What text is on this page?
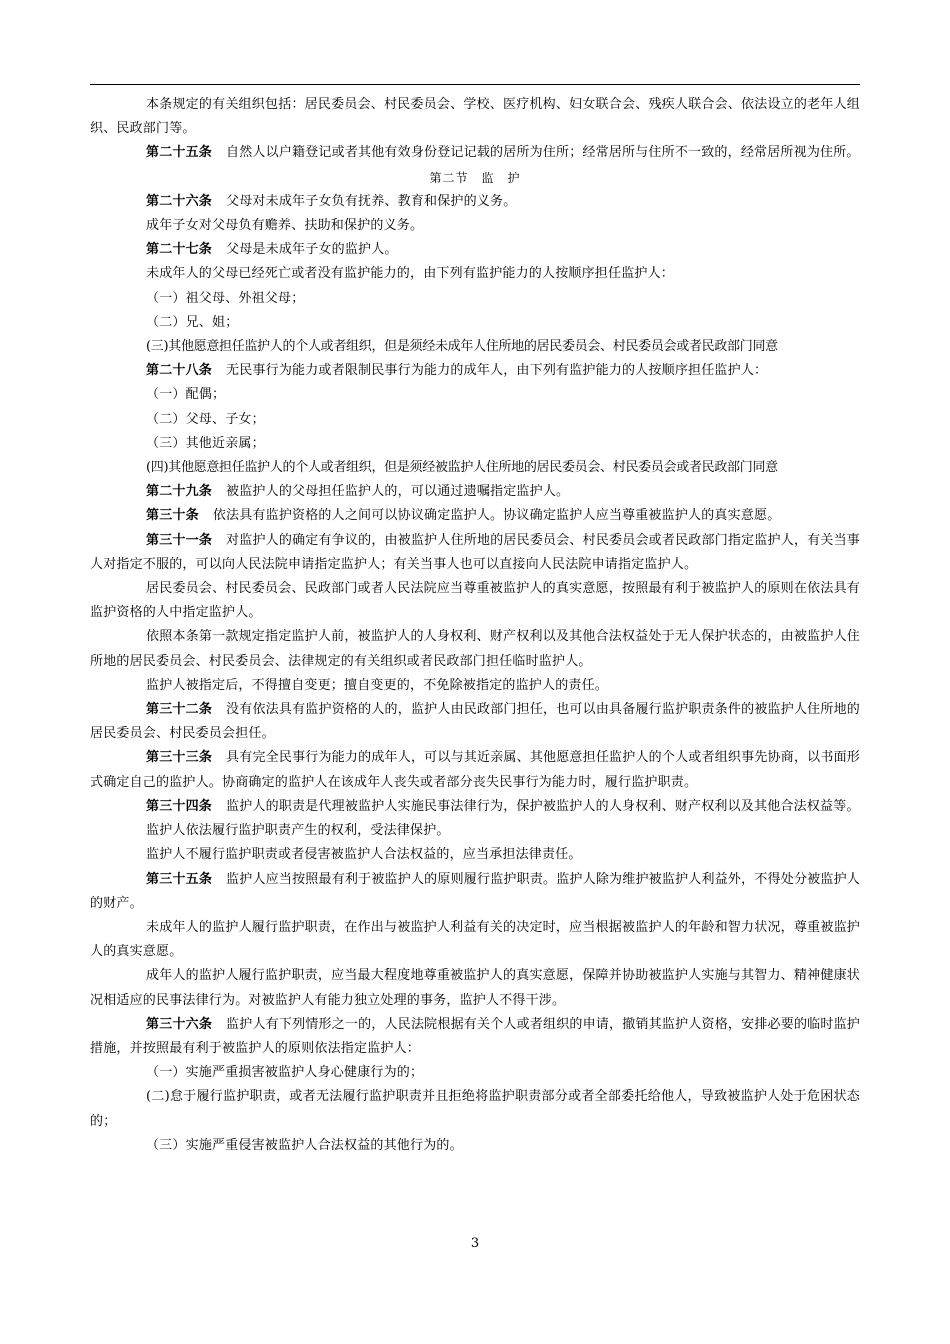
本条规定的有关组织包括：居民委员会、村民委员会、学校、医疗机构、妇女联合会、残疾人联合会、依法设立的老年人组织、民政部门等。

第二十五条 自然人以户籍登记或者其他有效身份登记记载的居所为住所；经常居所与住所不一致的，经常居所视为住所。

第二节　监　护

第二十六条 父母对未成年子女负有抚养、教育和保护的义务。

成年子女对父母负有赡养、扶助和保护的义务。

第二十七条 父母是未成年子女的监护人。

未成年人的父母已经死亡或者没有监护能力的，由下列有监护能力的人按顺序担任监护人：

（一）祖父母、外祖父母；

（二）兄、姐；

(三)其他愿意担任监护人的个人或者组织，但是须经未成年人住所地的居民委员会、村民委员会或者民政部门同意

第二十八条 无民事行为能力或者限制民事行为能力的成年人，由下列有监护能力的人按顺序担任监护人：

（一）配偶；

（二）父母、子女；

（三）其他近亲属；

(四)其他愿意担任监护人的个人或者组织，但是须经被监护人住所地的居民委员会、村民委员会或者民政部门同意

第二十九条 被监护人的父母担任监护人的，可以通过遗嘱指定监护人。

第三十条 依法具有监护资格的人之间可以协议确定监护人。协议确定监护人应当尊重被监护人的真实意愿。

第三十一条 对监护人的确定有争议的，由被监护人住所地的居民委员会、村民委员会或者民政部门指定监护人，有关当事人对指定不服的，可以向人民法院申请指定监护人；有关当事人也可以直接向人民法院申请指定监护人。

居民委员会、村民委员会、民政部门或者人民法院应当尊重被监护人的真实意愿，按照最有利于被监护人的原则在依法具有监护资格的人中指定监护人。

依照本条第一款规定指定监护人前，被监护人的人身权利、财产权利以及其他合法权益处于无人保护状态的，由被监护人住所地的居民委员会、村民委员会、法律规定的有关组织或者民政部门担任临时监护人。

监护人被指定后，不得擅自变更；擅自变更的，不免除被指定的监护人的责任。

第三十二条 没有依法具有监护资格的人的，监护人由民政部门担任，也可以由具备履行监护职责条件的被监护人住所地的居民委员会、村民委员会担任。

第三十三条 具有完全民事行为能力的成年人，可以与其近亲属、其他愿意担任监护人的个人或者组织事先协商，以书面形式确定自己的监护人。协商确定的监护人在该成年人丧失或者部分丧失民事行为能力时，履行监护职责。

第三十四条 监护人的职责是代理被监护人实施民事法律行为，保护被监护人的人身权利、财产权利以及其他合法权益等。

监护人依法履行监护职责产生的权利，受法律保护。

监护人不履行监护职责或者侵害被监护人合法权益的，应当承担法律责任。

第三十五条 监护人应当按照最有利于被监护人的原则履行监护职责。监护人除为维护被监护人利益外，不得处分被监护人的财产。

未成年人的监护人履行监护职责，在作出与被监护人利益有关的决定时，应当根据被监护人的年龄和智力状况，尊重被监护人的真实意愿。

成年人的监护人履行监护职责，应当最大程度地尊重被监护人的真实意愿，保障并协助被监护人实施与其智力、精神健康状况相适应的民事法律行为。对被监护人有能力独立处理的事务，监护人不得干涉。

第三十六条 监护人有下列情形之一的，人民法院根据有关个人或者组织的申请，撤销其监护人资格，安排必要的临时监护措施，并按照最有利于被监护人的原则依法指定监护人：

（一）实施严重损害被监护人身心健康行为的；

(二)怠于履行监护职责，或者无法履行监护职责并且拒绝将监护职责部分或者全部委托给他人，导致被监护人处于危困状态的；

（三）实施严重侵害被监护人合法权益的其他行为的。

3
